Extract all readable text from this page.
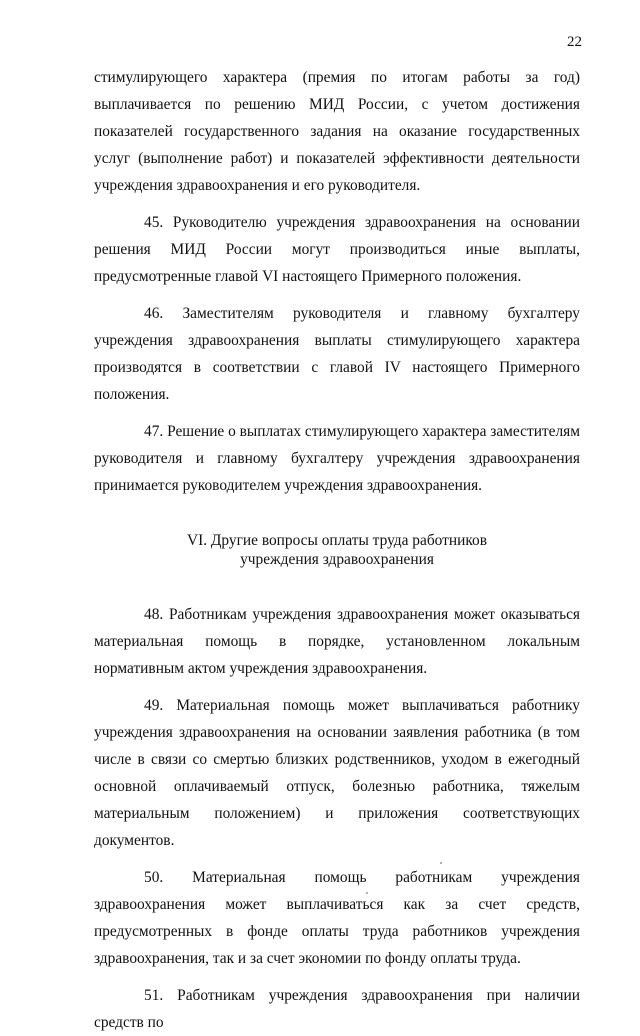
22

стимулирующего характера (премия по итогам работы за год) выплачивается по решению МИД России, с учетом достижения показателей государственного задания на оказание государственных услуг (выполнение работ) и показателей эффективности деятельности учреждения здравоохранения и его руководителя.

45. Руководителю учреждения здравоохранения на основании решения МИД России могут производиться иные выплаты, предусмотренные главой VI настоящего Примерного положения.

46. Заместителям руководителя и главному бухгалтеру учреждения здравоохранения выплаты стимулирующего характера производятся в соответствии с главой IV настоящего Примерного положения.

47. Решение о выплатах стимулирующего характера заместителям руководителя и главному бухгалтеру учреждения здравоохранения принимается руководителем учреждения здравоохранения.

VI. Другие вопросы оплаты труда работников
учреждения здравоохранения

48. Работникам учреждения здравоохранения может оказываться материальная помощь в порядке, установленном локальным нормативным актом учреждения здравоохранения.

49. Материальная помощь может выплачиваться работнику учреждения здравоохранения на основании заявления работника (в том числе в связи со смертью близких родственников, уходом в ежегодный основной оплачиваемый отпуск, болезнью работника, тяжелым материальным положением) и приложения соответствующих документов.

50. Материальная помощь работникам учреждения здравоохранения может выплачиваться как за счет средств, предусмотренных в фонде оплаты труда работников учреждения здравоохранения, так и за счет экономии по фонду оплаты труда.

51. Работникам учреждения здравоохранения при наличии средств по
